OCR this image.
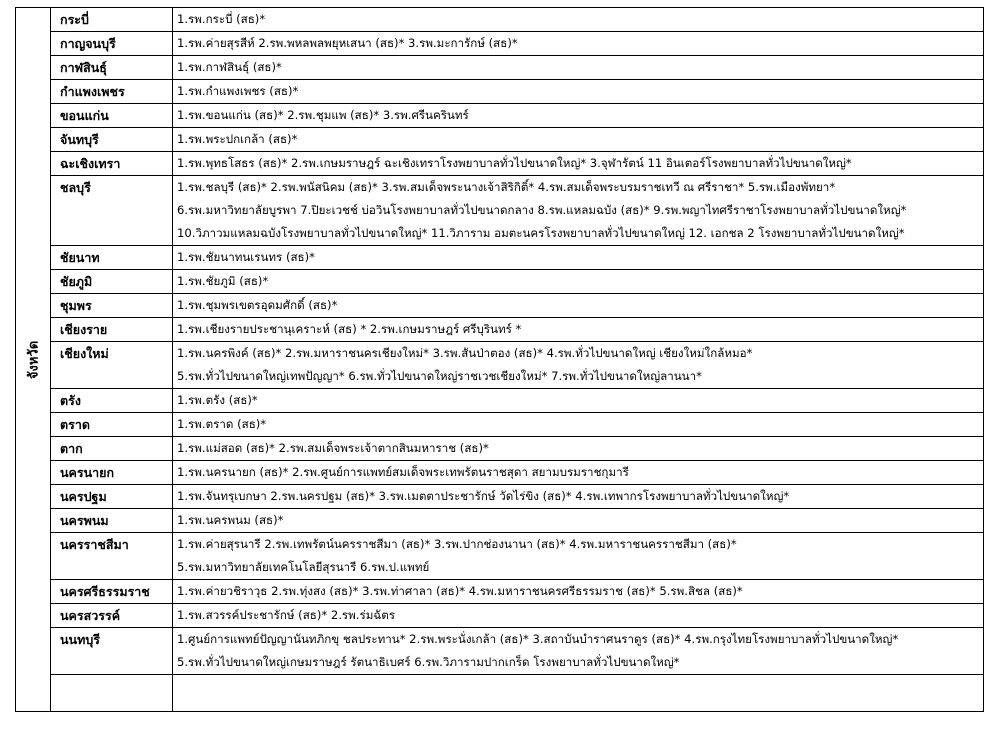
จังหวัด	กระบี่	1.รพ.กระบี่ (สธ)*

	กาญจนบุรี	1.รพ.ค่ายสุรสีห์ 2.รพ.พหลพลพยุหเสนา (สธ)* 3.รพ.มะการักษ์ (สธ)*

	กาฬสินธุ์	1.รพ.กาฬสินธุ์ (สธ)*

	กำแพงเพชร	1.รพ.กำแพงเพชร (สธ)*

	ขอนแก่น	1.รพ.ขอนแก่น (สธ)* 2.รพ.ชุมแพ (สธ)* 3.รพ.ศรีนครินทร์

	จันทบุรี	1.รพ.พระปกเกล้า (สธ)*

	ฉะเชิงเทรา	1.รพ.พุทธโสธร (สธ)* 2.รพ.เกษมราษฎร์ ฉะเชิงเทราโรงพยาบาลทั่วไปขนาดใหญ่* 3.จุฬารัตน์ 11 อินเตอร์โรงพยาบาลทั่วไปขนาดใหญ่*

	ชลบุรี	1.รพ.ชลบุรี (สธ)* 2.รพ.พนัสนิคม (สธ)* 3.รพ.สมเด็จพระนางเจ้าสิริกิติ์* 4.รพ.สมเด็จพระบรมราชเทวี ณ ศรีราชา* 5.รพ.เมืองพัทยา*
6.รพ.มหาวิทยาลัยบูรพา 7.ปิยะเวชช์ บ่อวินโรงพยาบาลทั่วไปขนาดกลาง 8.รพ.แหลมฉบัง (สธ)* 9.รพ.พญาไทศรีราชาโรงพยาบาลทั่วไปขนาดใหญ่*
10.วิภาวมแหลมฉบังโรงพยาบาลทั่วไปขนาดใหญ่* 11.วิภาราม อมตะนครโรงพยาบาลทั่วไปขนาดใหญ่ 12. เอกชล 2 โรงพยาบาลทั่วไปขนาดใหญ่*

	ชัยนาท	1.รพ.ชัยนาทนเรนทร (สธ)*

	ชัยภูมิ	1.รพ.ชัยภูมิ (สธ)*

	ชุมพร	1.รพ.ชุมพรเขตรอุดมศักดิ์ (สธ)*

	เชียงราย	1.รพ.เชียงรายประชานุเคราะห์ (สธ) * 2.รพ.เกษมราษฎร์ ศรีบุรินทร์ *

	เชียงใหม่	1.รพ.นครพิงค์ (สธ)* 2.รพ.มหาราชนครเชียงใหม่* 3.รพ.สันป่าตอง (สธ)* 4.รพ.ทั่วไปขนาดใหญ่ เชียงใหม่ใกล้หมอ*
5.รพ.ทั่วไปขนาดใหญ่เทพปัญญา* 6.รพ.ทั่วไปขนาดใหญ่ราชเวชเชียงใหม่* 7.รพ.ทั่วไปขนาดใหญ่ลานนา*

	ตรัง	1.รพ.ตรัง (สธ)*

	ตราด	1.รพ.ตราด (สธ)*

	ตาก	1.รพ.แม่สอด (สธ)* 2.รพ.สมเด็จพระเจ้าตากสินมหาราช (สธ)*

	นครนายก	1.รพ.นครนายก (สธ)* 2.รพ.ศูนย์การแพทย์สมเด็จพระเทพรัตนราชสุดา สยามบรมราชกุมารี

	นครปฐม	1.รพ.จันทรุเบกษา 2.รพ.นครปฐม (สธ)* 3.รพ.เมตตาประชารักษ์ วัดไร่ขิง (สธ)* 4.รพ.เทพากรโรงพยาบาลทั่วไปขนาดใหญ่*

	นครพนม	1.รพ.นครพนม (สธ)*

	นครราชสีมา	1.รพ.ค่ายสุรนารี 2.รพ.เทพรัตน์นครราชสีมา (สธ)* 3.รพ.ปากช่องนานา (สธ)* 4.รพ.มหาราชนครราชสีมา (สธ)*
5.รพ.มหาวิทยาลัยเทคโนโลยีสุรนารี 6.รพ.ป.แพทย์

	นครศรีธรรมราช	1.รพ.ค่ายวชิราวุธ 2.รพ.ทุ่งสง (สธ)* 3.รพ.ท่าศาลา (สธ)* 4.รพ.มหาราชนครศรีธรรมราช (สธ)* 5.รพ.สิชล (สธ)*

	นครสวรรค์	1.รพ.สวรรค์ประชารักษ์ (สธ)* 2.รพ.ร่มฉัตร

	นนทบุรี	1.ศูนย์การแพทย์ปัญญานันทภิกขุ ชลประทาน* 2.รพ.พระนั่งเกล้า (สธ)* 3.สถาบันบำราศนราดูร (สธ)* 4.รพ.กรุงไทยโรงพยาบาลทั่วไปขนาดใหญ่*
5.รพ.ทั่วไปขนาดใหญ่เกษมราษฎร์ รัตนาธิเบศร์ 6.รพ.วิภารามปากเกร็ด โรงพยาบาลทั่วไปขนาดใหญ่*
